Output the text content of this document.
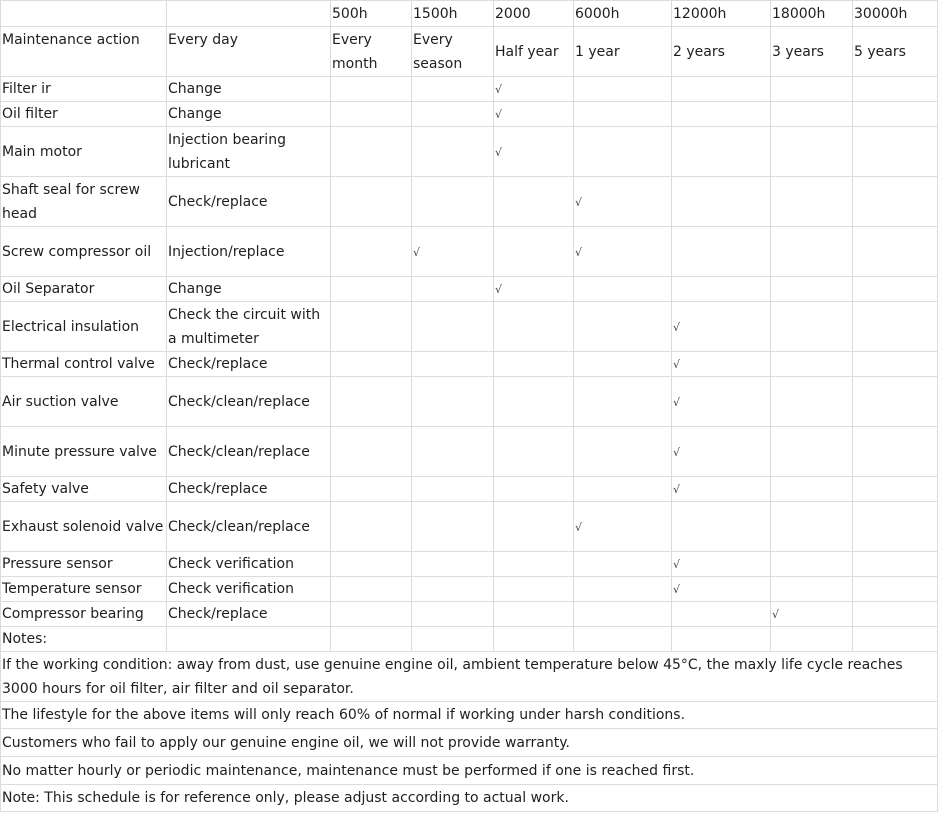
		500h	1500h	2000	6000h	12000h	18000h	30000h
Maintenance action	Every day	Every month	Every season	Half year	1 year	2 years	3 years	5 years
Filter ir	Change			√				
Oil filter	Change			√				
Main motor	Injection bearing lubricant			√				
Shaft seal for screw head	Check/replace				√			
Screw compressor oil	Injection/replace		√		√			
Oil Separator	Change			√				
Electrical insulation	Check the circuit with a multimeter					√		
Thermal control valve	Check/replace					√		
Air suction valve	Check/clean/replace					√		
Minute pressure valve	Check/clean/replace					√		
Safety valve	Check/replace					√		
Exhaust solenoid valve	Check/clean/replace				√			
Pressure sensor	Check verification					√		
Temperature sensor	Check verification					√		
Compressor bearing	Check/replace						√	
Notes:								
If the working condition: away from dust, use genuine engine oil, ambient temperature below 45°C, the maxly life cycle reaches 3000 hours for oil filter, air filter and oil separator.								
The lifestyle for the above items will only reach 60% of normal if working under harsh conditions.								
Customers who fail to apply our genuine engine oil, we will not provide warranty.								
No matter hourly or periodic maintenance, maintenance must be performed if one is reached first.								
Note: This schedule is for reference only, please adjust according to actual work.								
